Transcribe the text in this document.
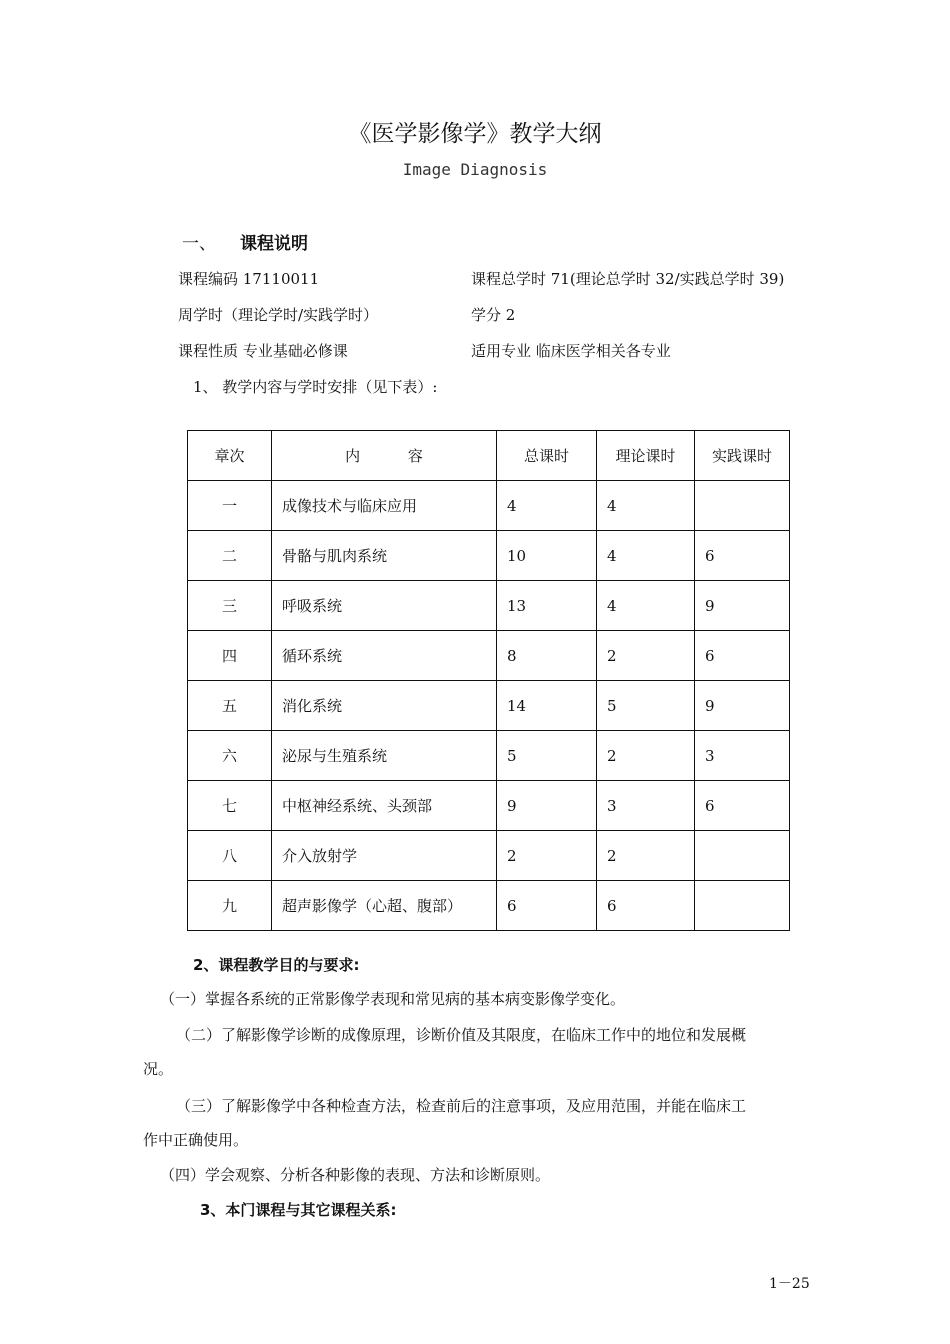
《医学影像学》教学大纲
Image Diagnosis
一、 课程说明
课程编码 17110011	课程总学时 71(理论总学时 32/实践总学时 39)
周学时（理论学时/实践学时）	学分 2
课程性质 专业基础必修课	适用专业 临床医学相关各专业
1、 教学内容与学时安排（见下表）:
章次	内          容	总课时	理论课时	实践课时
一	成像技术与临床应用	4	4	
二	骨骼与肌肉系统	10	4	6
三	呼吸系统	13	4	9
四	循环系统	8	2	6
五	消化系统	14	5	9
六	泌尿与生殖系统	5	2	3
七	中枢神经系统、头颈部	9	3	6
八	介入放射学	2	2	
九	超声影像学（心超、腹部）	6	6	
2、课程教学目的与要求:
（一）掌握各系统的正常影像学表现和常见病的基本病变影像学变化。
（二）了解影像学诊断的成像原理，诊断价值及其限度，在临床工作中的地位和发展概
况。
（三）了解影像学中各种检查方法，检查前后的注意事项，及应用范围，并能在临床工
作中正确使用。
（四）学会观察、分析各种影像的表现、方法和诊断原则。
3、本门课程与其它课程关系:
1－25
